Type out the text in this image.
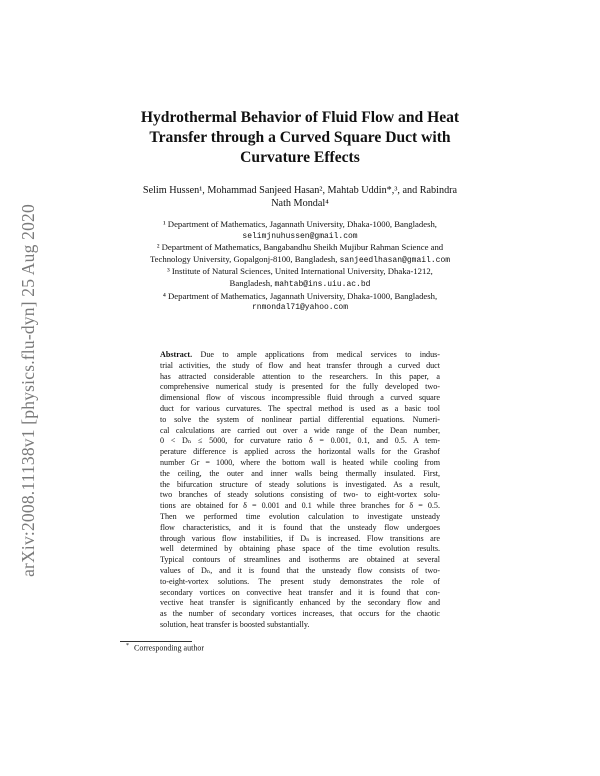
arXiv:2008.11138v1 [physics.flu-dyn] 25 Aug 2020
Hydrothermal Behavior of Fluid Flow and Heat
Transfer through a Curved Square Duct with
Curvature Effects
Selim Hussen¹, Mohammad Sanjeed Hasan², Mahtab Uddin*,³, and Rabindra
Nath Mondal⁴
¹ Department of Mathematics, Jagannath University, Dhaka-1000, Bangladesh,
selimjnuhussen@gmail.com
² Department of Mathematics, Bangabandhu Sheikh Mujibur Rahman Science and
Technology University, Gopalgonj-8100, Bangladesh, sanjeedlhasan@gmail.com
³ Institute of Natural Sciences, United International University, Dhaka-1212,
Bangladesh, mahtab@ins.uiu.ac.bd
⁴ Department of Mathematics, Jagannath University, Dhaka-1000, Bangladesh,
rnmondal71@yahoo.com
Abstract. Due to ample applications from medical services to indus-
trial activities, the study of flow and heat transfer through a curved duct
has attracted considerable attention to the researchers. In this paper, a
comprehensive numerical study is presented for the fully developed two-
dimensional flow of viscous incompressible fluid through a curved square
duct for various curvatures. The spectral method is used as a basic tool
to solve the system of nonlinear partial differential equations. Numeri-
cal calculations are carried out over a wide range of the Dean number,
0 < Dₙ ≤ 5000, for curvature ratio δ = 0.001, 0.1, and 0.5. A tem-
perature difference is applied across the horizontal walls for the Grashof
number Gr = 1000, where the bottom wall is heated while cooling from
the ceiling, the outer and inner walls being thermally insulated. First,
the bifurcation structure of steady solutions is investigated. As a result,
two branches of steady solutions consisting of two- to eight-vortex solu-
tions are obtained for δ = 0.001 and 0.1 while three branches for δ = 0.5.
Then we performed time evolution calculation to investigate unsteady
flow characteristics, and it is found that the unsteady flow undergoes
through various flow instabilities, if Dₙ is increased. Flow transitions are
well determined by obtaining phase space of the time evolution results.
Typical contours of streamlines and isotherms are obtained at several
values of Dₙ, and it is found that the unsteady flow consists of two-
to-eight-vortex solutions. The present study demonstrates the role of
secondary vortices on convective heat transfer and it is found that con-
vective heat transfer is significantly enhanced by the secondary flow and
as the number of secondary vortices increases, that occurs for the chaotic
solution, heat transfer is boosted substantially.
* Corresponding author
